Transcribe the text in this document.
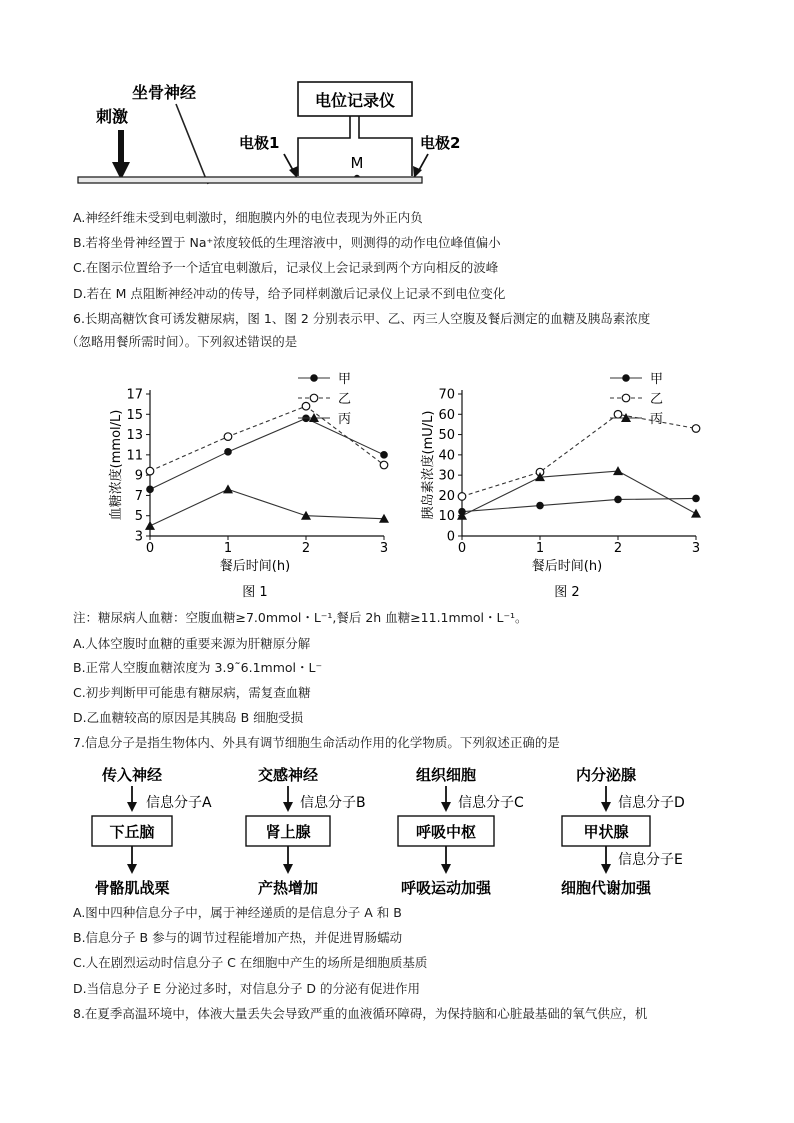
坐骨神经
刺激
电位记录仪
电极1	电极2
M
A.神经纤维未受到电刺激时，细胞膜内外的电位表现为外正内负
B.若将坐骨神经置于 Na⁺浓度较低的生理溶液中，则测得的动作电位峰值偏小
C.在图示位置给予一个适宜电刺激后，记录仪上会记录到两个方向相反的波峰
D.若在 M 点阻断神经冲动的传导，给予同样刺激后记录仪上记录不到电位变化
6.长期高糖饮食可诱发糖尿病，图 1、图 2 分别表示甲、乙、丙三人空腹及餐后测定的血糖及胰岛素浓度
（忽略用餐所需时间）。下列叙述错误的是
3
5
7
9
11
13
15
17
0	1	2	3
餐后时间(h)
血糖浓度(mmol/L)
图 1
甲
乙
丙
0
10
20
30
40
50
60
70
0	1	2	3
餐后时间(h)
胰岛素浓度(mU/L)
图 2
甲
乙
丙
注：糖尿病人血糖：空腹血糖≥7.0mmol・L⁻¹,餐后 2h 血糖≥11.1mmol・L⁻¹。
A.人体空腹时血糖的重要来源为肝糖原分解
B.正常人空腹血糖浓度为 3.9˜6.1mmol・L⁻
C.初步判断甲可能患有糖尿病，需复查血糖
D.乙血糖较高的原因是其胰岛 B 细胞受损
7.信息分子是指生物体内、外具有调节细胞生命活动作用的化学物质。下列叙述正确的是
传入神经
信息分子A
下丘脑
骨骼肌战栗
交感神经
信息分子B
肾上腺
产热增加
组织细胞
信息分子C
呼吸中枢
呼吸运动加强
内分泌腺
信息分子D
甲状腺
信息分子E
细胞代谢加强
A.图中四种信息分子中，属于神经递质的是信息分子 A 和 B
B.信息分子 B 参与的调节过程能增加产热，并促进胃肠蠕动
C.人在剧烈运动时信息分子 C 在细胞中产生的场所是细胞质基质
D.当信息分子 E 分泌过多时，对信息分子 D 的分泌有促进作用
8.在夏季高温环境中，体液大量丢失会导致严重的血液循环障碍，为保持脑和心脏最基础的氧气供应，机
